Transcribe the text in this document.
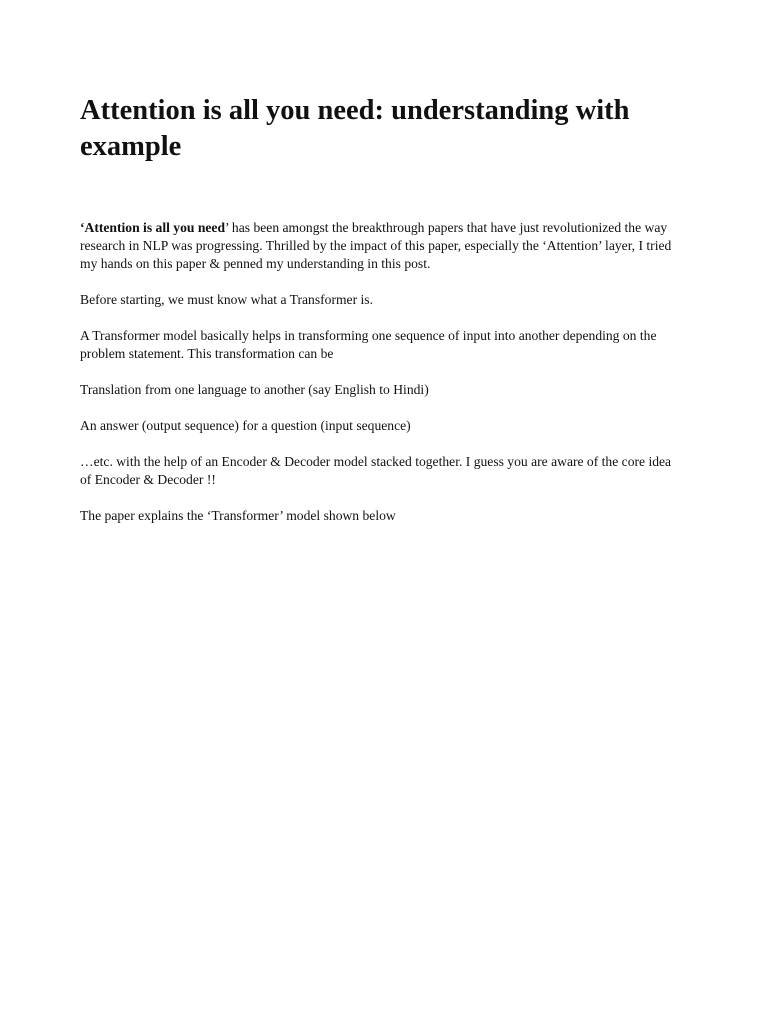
Attention is all you need: understanding with example

‘Attention is all you need’ has been amongst the breakthrough papers that have just revolutionized the way research in NLP was progressing. Thrilled by the impact of this paper, especially the ‘Attention’ layer, I tried my hands on this paper & penned my understanding in this post.

Before starting, we must know what a Transformer is.

A Transformer model basically helps in transforming one sequence of input into another depending on the problem statement. This transformation can be

Translation from one language to another (say English to Hindi)

An answer (output sequence) for a question (input sequence)

…etc. with the help of an Encoder & Decoder model stacked together. I guess you are aware of the core idea of Encoder & Decoder !!

The paper explains the ‘Transformer’ model shown below
